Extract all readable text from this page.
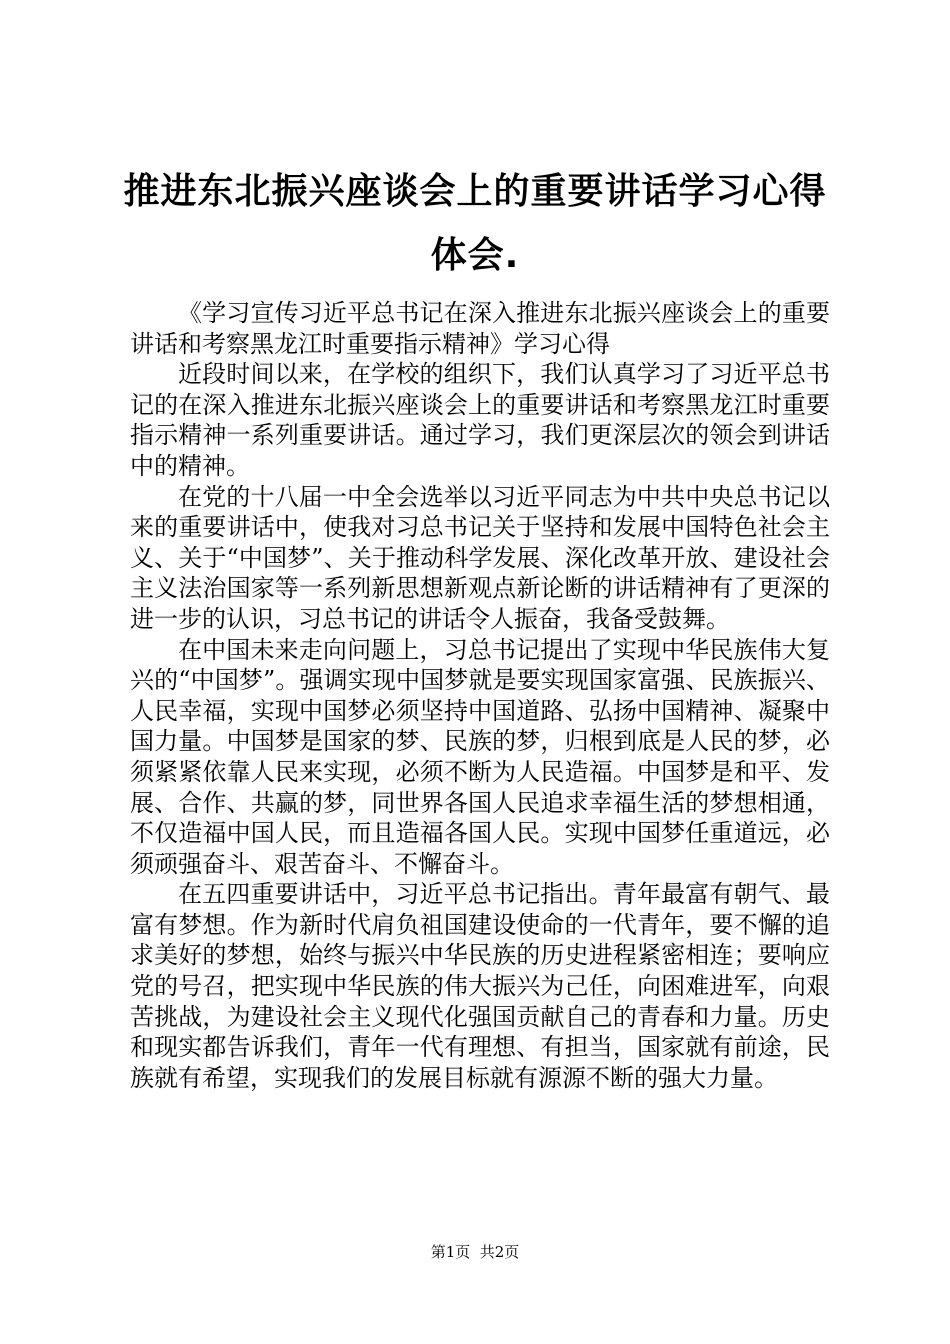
推进东北振兴座谈会上的重要讲话学习心得体会.

《学习宣传习近平总书记在深入推进东北振兴座谈会上的重要讲话和考察黑龙江时重要指示精神》学习心得

近段时间以来，在学校的组织下，我们认真学习了习近平总书记的在深入推进东北振兴座谈会上的重要讲话和考察黑龙江时重要指示精神一系列重要讲话。通过学习，我们更深层次的领会到讲话中的精神。

在党的十八届一中全会选举以习近平同志为中共中央总书记以来的重要讲话中，使我对习总书记关于坚持和发展中国特色社会主义、关于“中国梦”、关于推动科学发展、深化改革开放、建设社会主义法治国家等一系列新思想新观点新论断的讲话精神有了更深的进一步的认识，习总书记的讲话令人振奋，我备受鼓舞。

在中国未来走向问题上，习总书记提出了实现中华民族伟大复兴的“中国梦”。强调实现中国梦就是要实现国家富强、民族振兴、人民幸福，实现中国梦必须坚持中国道路、弘扬中国精神、凝聚中国力量。中国梦是国家的梦、民族的梦，归根到底是人民的梦，必须紧紧依靠人民来实现，必须不断为人民造福。中国梦是和平、发展、合作、共赢的梦，同世界各国人民追求幸福生活的梦想相通，不仅造福中国人民，而且造福各国人民。实现中国梦任重道远，必须顽强奋斗、艰苦奋斗、不懈奋斗。

在五四重要讲话中，习近平总书记指出。青年最富有朝气、最富有梦想。作为新时代肩负祖国建设使命的一代青年，要不懈的追求美好的梦想，始终与振兴中华民族的历史进程紧密相连；要响应党的号召，把实现中华民族的伟大振兴为己任，向困难进军，向艰苦挑战，为建设社会主义现代化强国贡献自己的青春和力量。历史和现实都告诉我们，青年一代有理想、有担当，国家就有前途，民族就有希望，实现我们的发展目标就有源源不断的强大力量。

第1页  共2页
